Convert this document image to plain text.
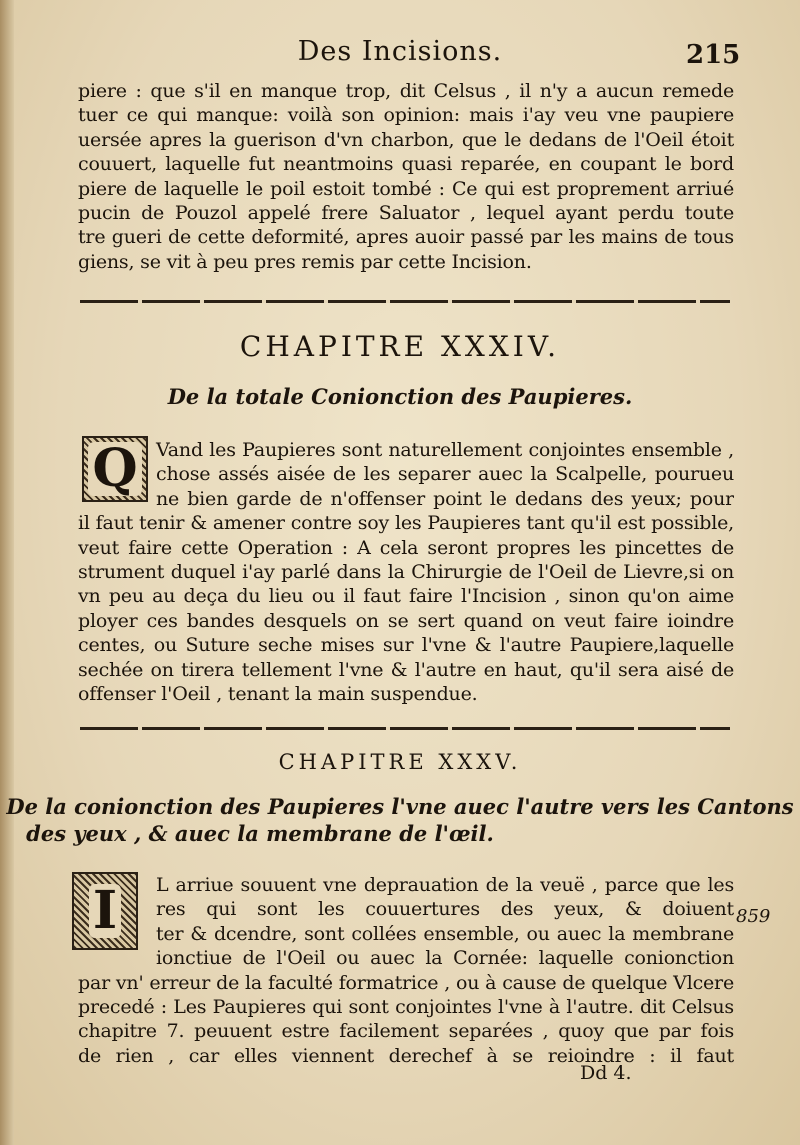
Des Incisions.	215
piere : que s'il en manque trop, dit Celsus , il n'y a aucun remede
tuer ce qui manque: voilà son opinion: mais i'ay veu vne paupiere
uersée apres la guerison d'vn charbon, que le dedans de l'Oeil étoit
couuert, laquelle fut neantmoins quasi reparée, en coupant le bord
piere de laquelle le poil estoit tombé : Ce qui est proprement arriué
pucin de Pouzol appelé frere Saluator , lequel ayant perdu toute
tre gueri de cette deformité, apres auoir passé par les mains de tous
giens, se vit à peu pres remis par cette Incision.
CHAPITRE XXXIV.
De la totale Conionction des Paupieres.
Q Vand les Paupieres sont naturellement conjointes ensemble ,
chose assés aisée de les separer auec la Scalpelle, pourueu
ne bien garde de n'offenser point le dedans des yeux; pour
il faut tenir & amener contre soy les Paupieres tant qu'il est possible,
veut faire cette Operation : A cela seront propres les pincettes de
strument duquel i'ay parlé dans la Chirurgie de l'Oeil de Lievre,si on
vn peu au deça du lieu ou il faut faire l'Incision , sinon qu'on aime
ployer ces bandes desquels on se sert quand on veut faire ioindre
centes, ou Suture seche mises sur l'vne & l'autre Paupiere,laquelle
sechée on tirera tellement l'vne & l'autre en haut, qu'il sera aisé de
offenser l'Oeil , tenant la main suspendue.
CHAPITRE XXXV.
De la conionction des Paupieres l'vne auec l'autre vers les Cantons
des yeux , & auec la membrane de l'œil.
I	L arriue souuent vne deprauation de la veuë , parce que les
res qui sont les couuertures des yeux, & doiuent
ter & dcendre, sont collées ensemble, ou auec la membrane
ionctiue de l'Oeil ou auec la Cornée: laquelle conionction
par vn' erreur de la faculté formatrice , ou à cause de quelque Vlcere
precedé : Les Paupieres qui sont conjointes l'vne à l'autre. dit Celsus
chapitre 7. peuuent estre facilement separées , quoy que par fois
de rien , car elles viennent derechef à se reioindre : il faut
859
Dd 4.
